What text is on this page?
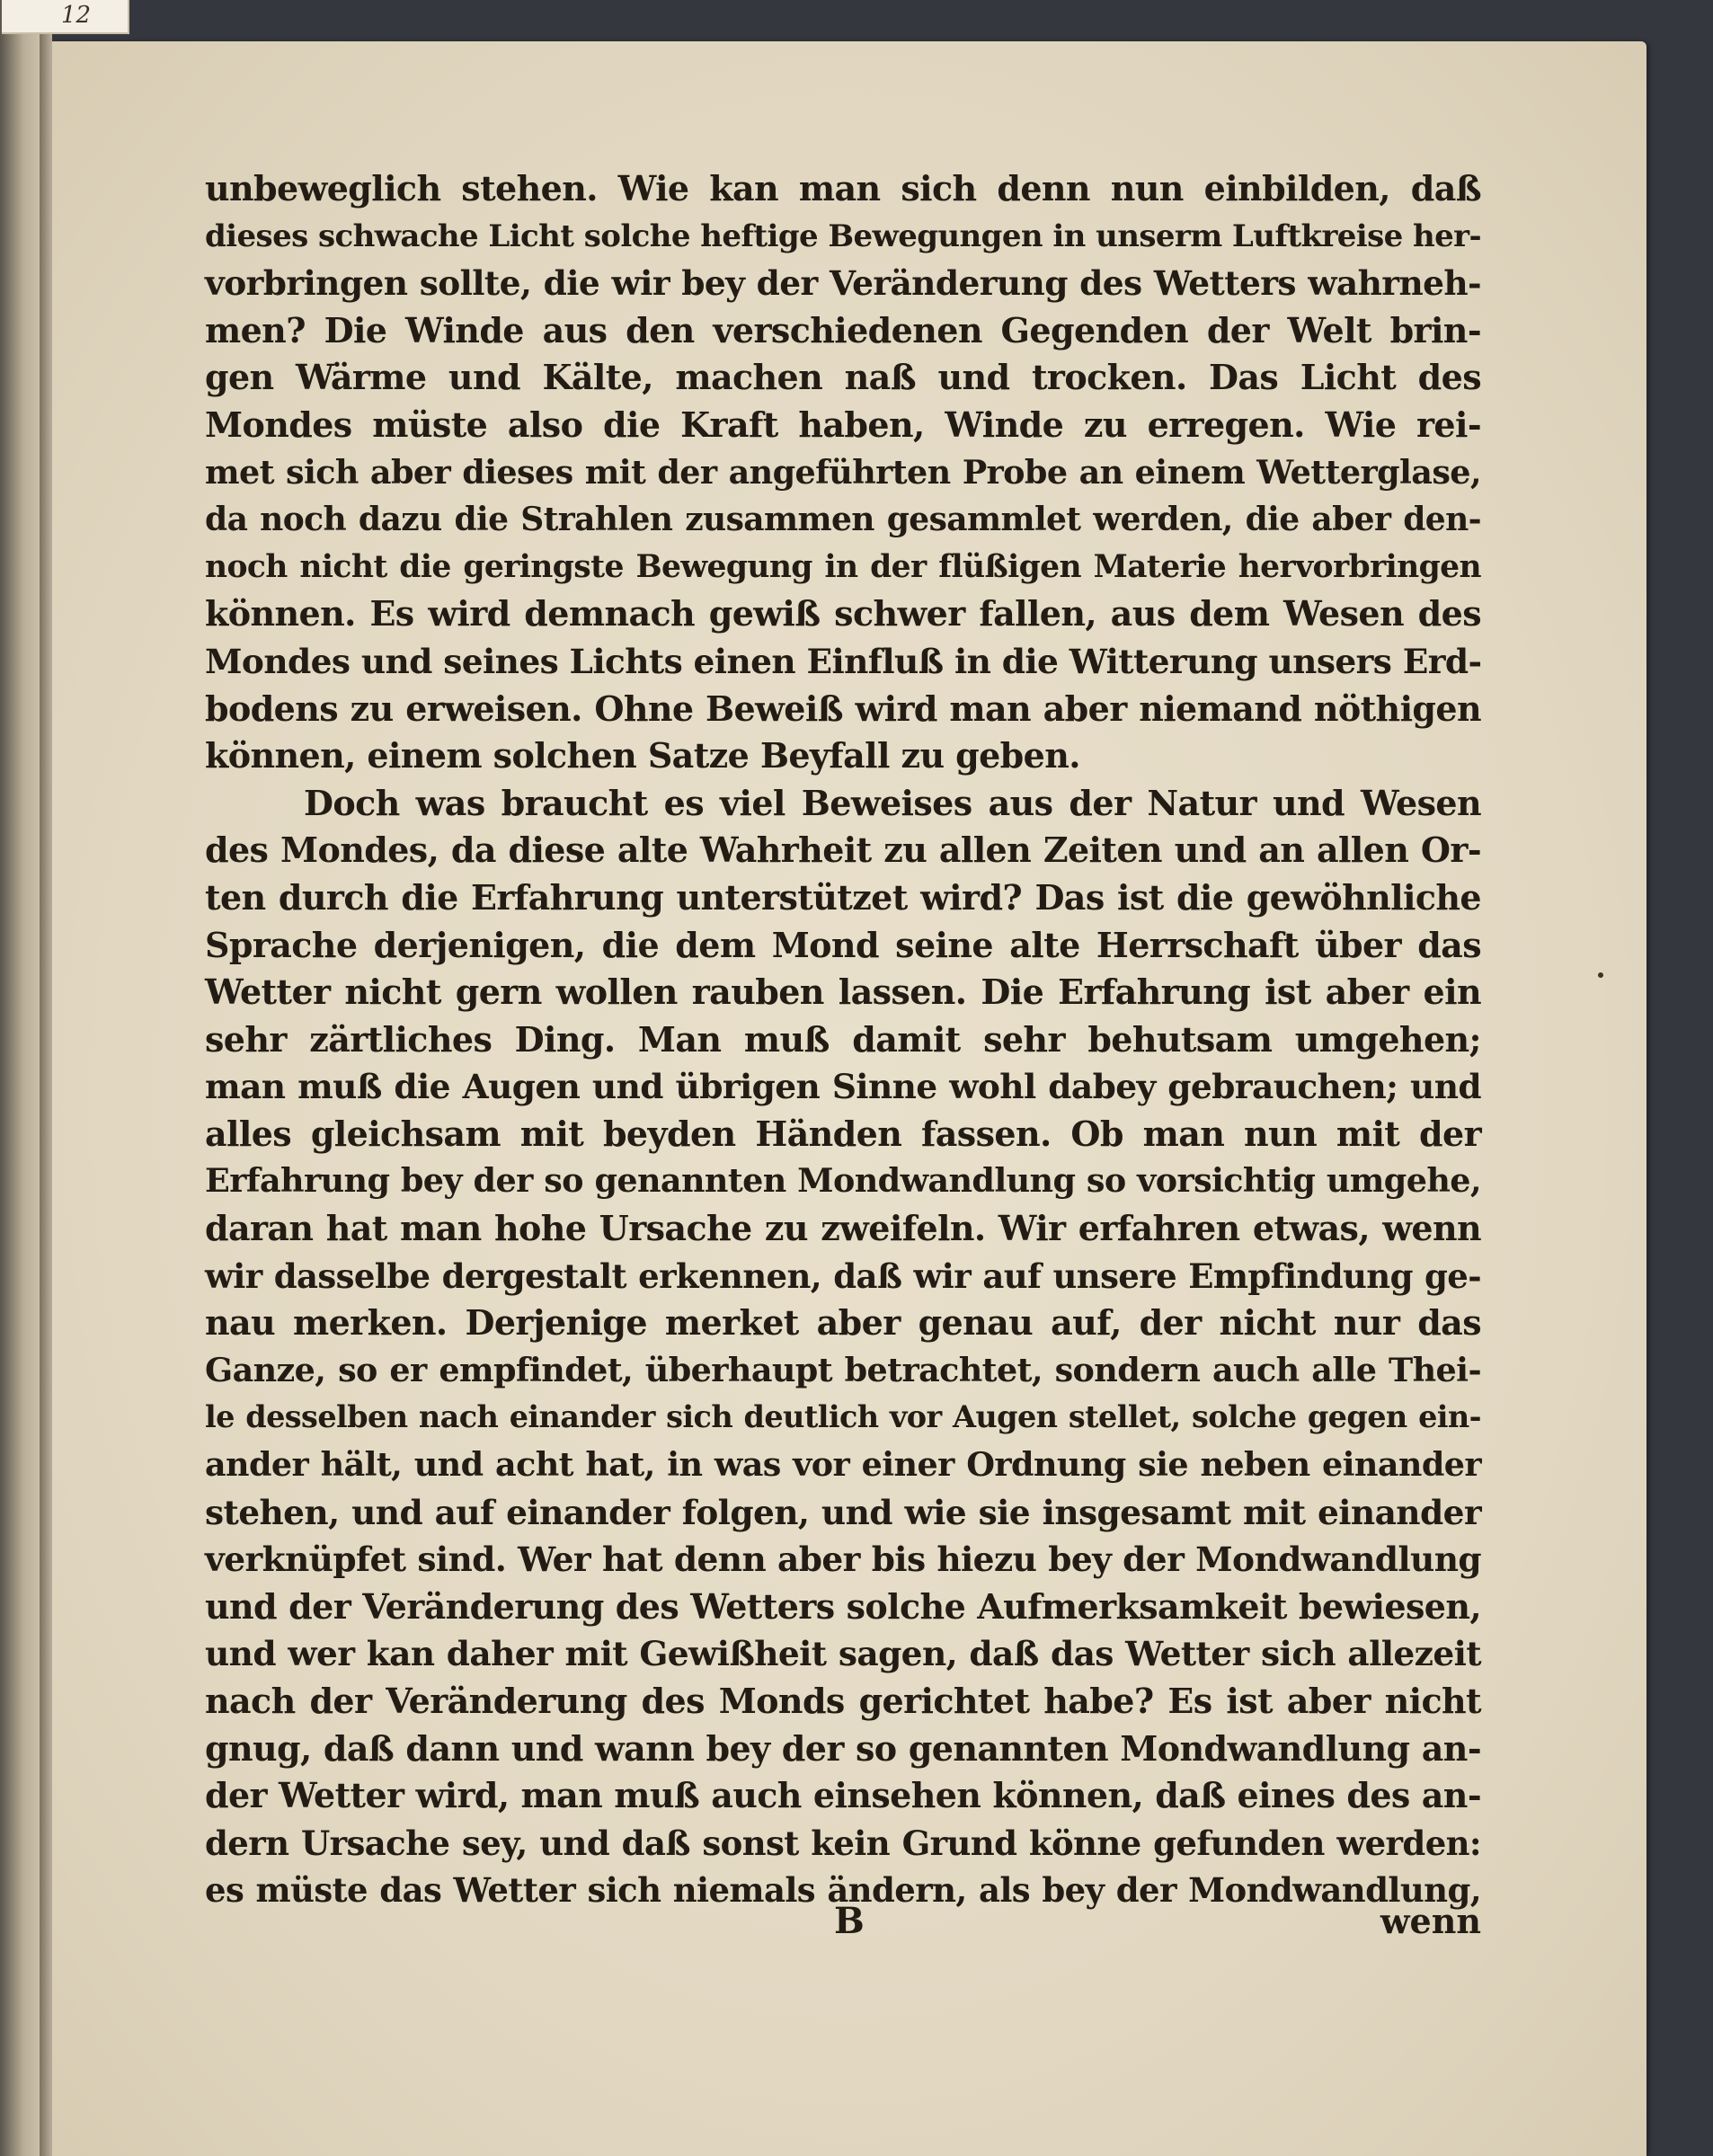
12
unbeweglich stehen. Wie kan man sich denn nun einbilden, daß
dieses schwache Licht solche heftige Bewegungen in unserm Luftkreise her-
vorbringen sollte, die wir bey der Veränderung des Wetters wahrneh-
men? Die Winde aus den verschiedenen Gegenden der Welt brin-
gen Wärme und Kälte, machen naß und trocken. Das Licht des
Mondes müste also die Kraft haben, Winde zu erregen. Wie rei-
met sich aber dieses mit der angeführten Probe an einem Wetterglase,
da noch dazu die Strahlen zusammen gesammlet werden, die aber den-
noch nicht die geringste Bewegung in der flüßigen Materie hervorbringen
können. Es wird demnach gewiß schwer fallen, aus dem Wesen des
Mondes und seines Lichts einen Einfluß in die Witterung unsers Erd-
bodens zu erweisen. Ohne Beweiß wird man aber niemand nöthigen
können, einem solchen Satze Beyfall zu geben.
Doch was braucht es viel Beweises aus der Natur und Wesen
des Mondes, da diese alte Wahrheit zu allen Zeiten und an allen Or-
ten durch die Erfahrung unterstützet wird? Das ist die gewöhnliche
Sprache derjenigen, die dem Mond seine alte Herrschaft über das
Wetter nicht gern wollen rauben lassen. Die Erfahrung ist aber ein
sehr zärtliches Ding. Man muß damit sehr behutsam umgehen;
man muß die Augen und übrigen Sinne wohl dabey gebrauchen; und
alles gleichsam mit beyden Händen fassen. Ob man nun mit der
Erfahrung bey der so genannten Mondwandlung so vorsichtig umgehe,
daran hat man hohe Ursache zu zweifeln. Wir erfahren etwas, wenn
wir dasselbe dergestalt erkennen, daß wir auf unsere Empfindung ge-
nau merken. Derjenige merket aber genau auf, der nicht nur das
Ganze, so er empfindet, überhaupt betrachtet, sondern auch alle Thei-
le desselben nach einander sich deutlich vor Augen stellet, solche gegen ein-
ander hält, und acht hat, in was vor einer Ordnung sie neben einander
stehen, und auf einander folgen, und wie sie insgesamt mit einander
verknüpfet sind. Wer hat denn aber bis hiezu bey der Mondwandlung
und der Veränderung des Wetters solche Aufmerksamkeit bewiesen,
und wer kan daher mit Gewißheit sagen, daß das Wetter sich allezeit
nach der Veränderung des Monds gerichtet habe? Es ist aber nicht
gnug, daß dann und wann bey der so genannten Mondwandlung an-
der Wetter wird, man muß auch einsehen können, daß eines des an-
dern Ursache sey, und daß sonst kein Grund könne gefunden werden:
es müste das Wetter sich niemals ändern, als bey der Mondwandlung,
B	wenn
